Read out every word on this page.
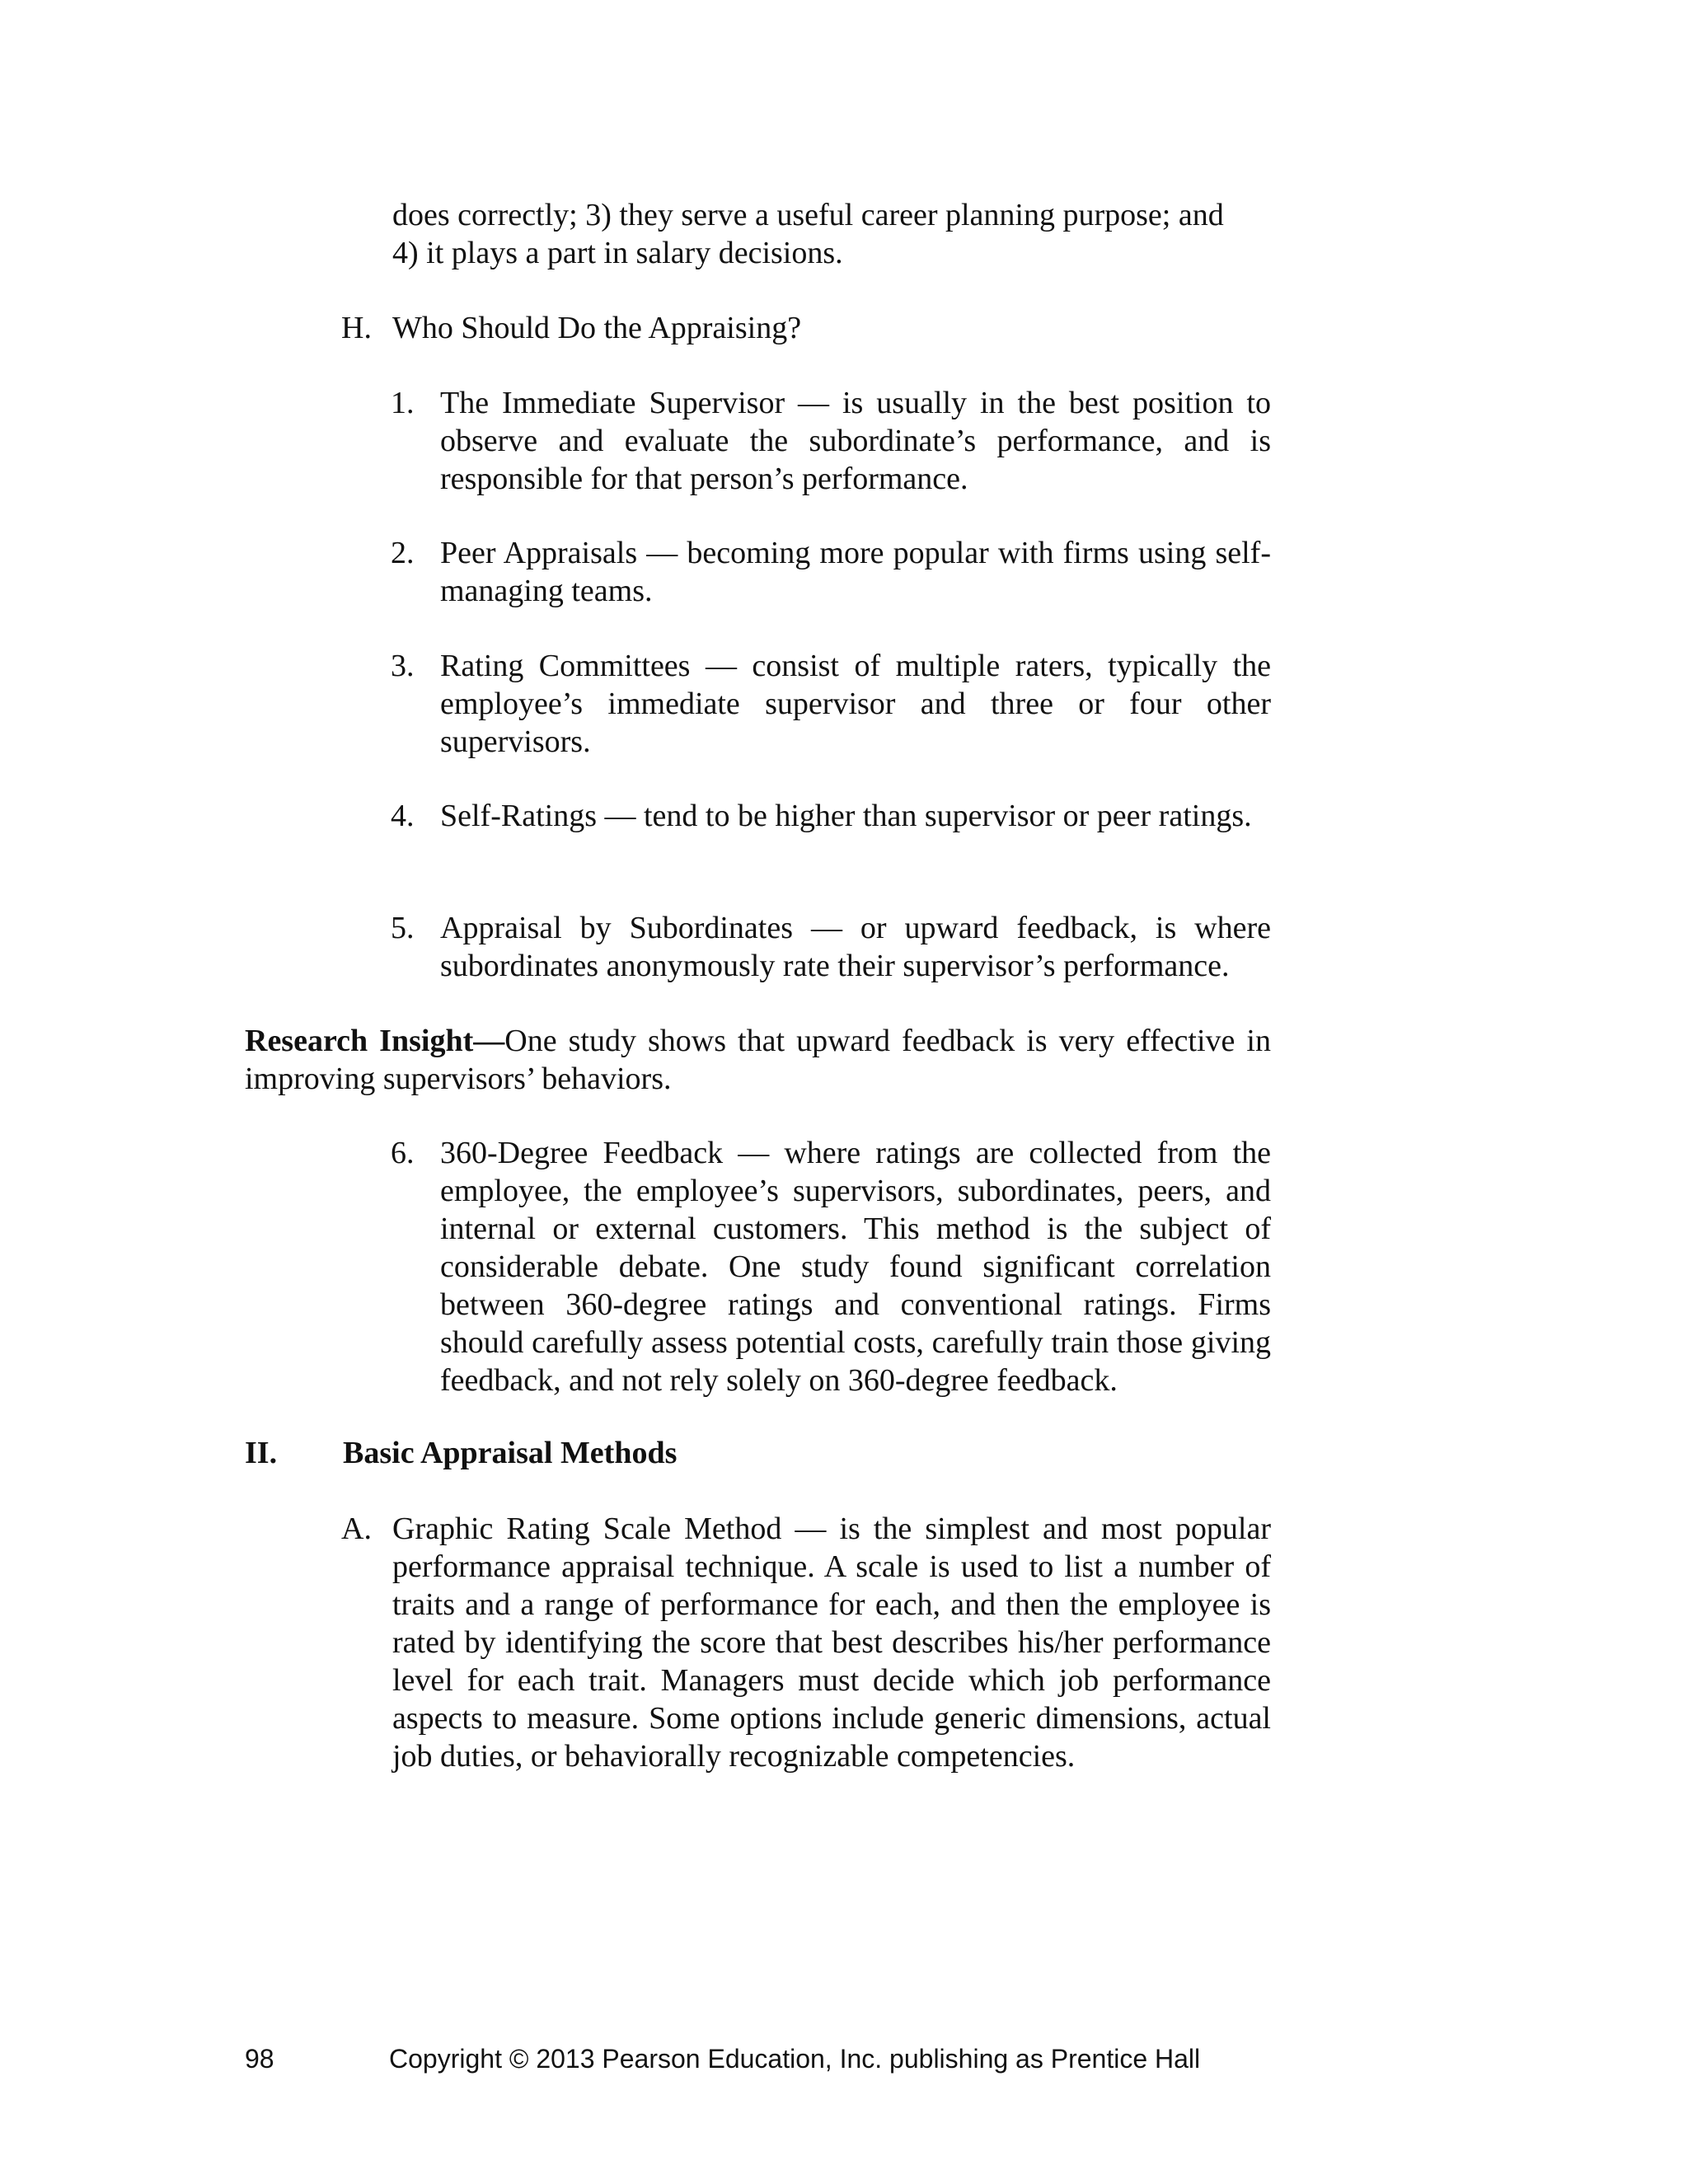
does correctly; 3) they serve a useful career planning purpose; and
4) it plays a part in salary decisions.
H. Who Should Do the Appraising?
1. The Immediate Supervisor — is usually in the best position to observe and evaluate the subordinate’s performance, and is responsible for that person’s performance.

2. Peer Appraisals — becoming more popular with firms using self-managing teams.

3. Rating Committees — consist of multiple raters, typically the employee’s immediate supervisor and three or four other supervisors.

4. Self-Ratings — tend to be higher than supervisor or peer ratings.

5. Appraisal by Subordinates — or upward feedback, is where subordinates anonymously rate their supervisor’s performance.

Research Insight—One study shows that upward feedback is very effective in improving supervisors’ behaviors.

6. 360-Degree Feedback — where ratings are collected from the employee, the employee’s supervisors, subordinates, peers, and internal or external customers. This method is the subject of considerable debate. One study found significant correlation between 360-degree ratings and conventional ratings. Firms should carefully assess potential costs, carefully train those giving feedback, and not rely solely on 360-degree feedback.

II. Basic Appraisal Methods
A. Graphic Rating Scale Method — is the simplest and most popular performance appraisal technique. A scale is used to list a number of traits and a range of performance for each, and then the employee is rated by identifying the score that best describes his/her performance level for each trait. Managers must decide which job performance aspects to measure. Some options include generic dimensions, actual job duties, or behaviorally recognizable competencies.

98	Copyright © 2013 Pearson Education, Inc. publishing as Prentice Hall
